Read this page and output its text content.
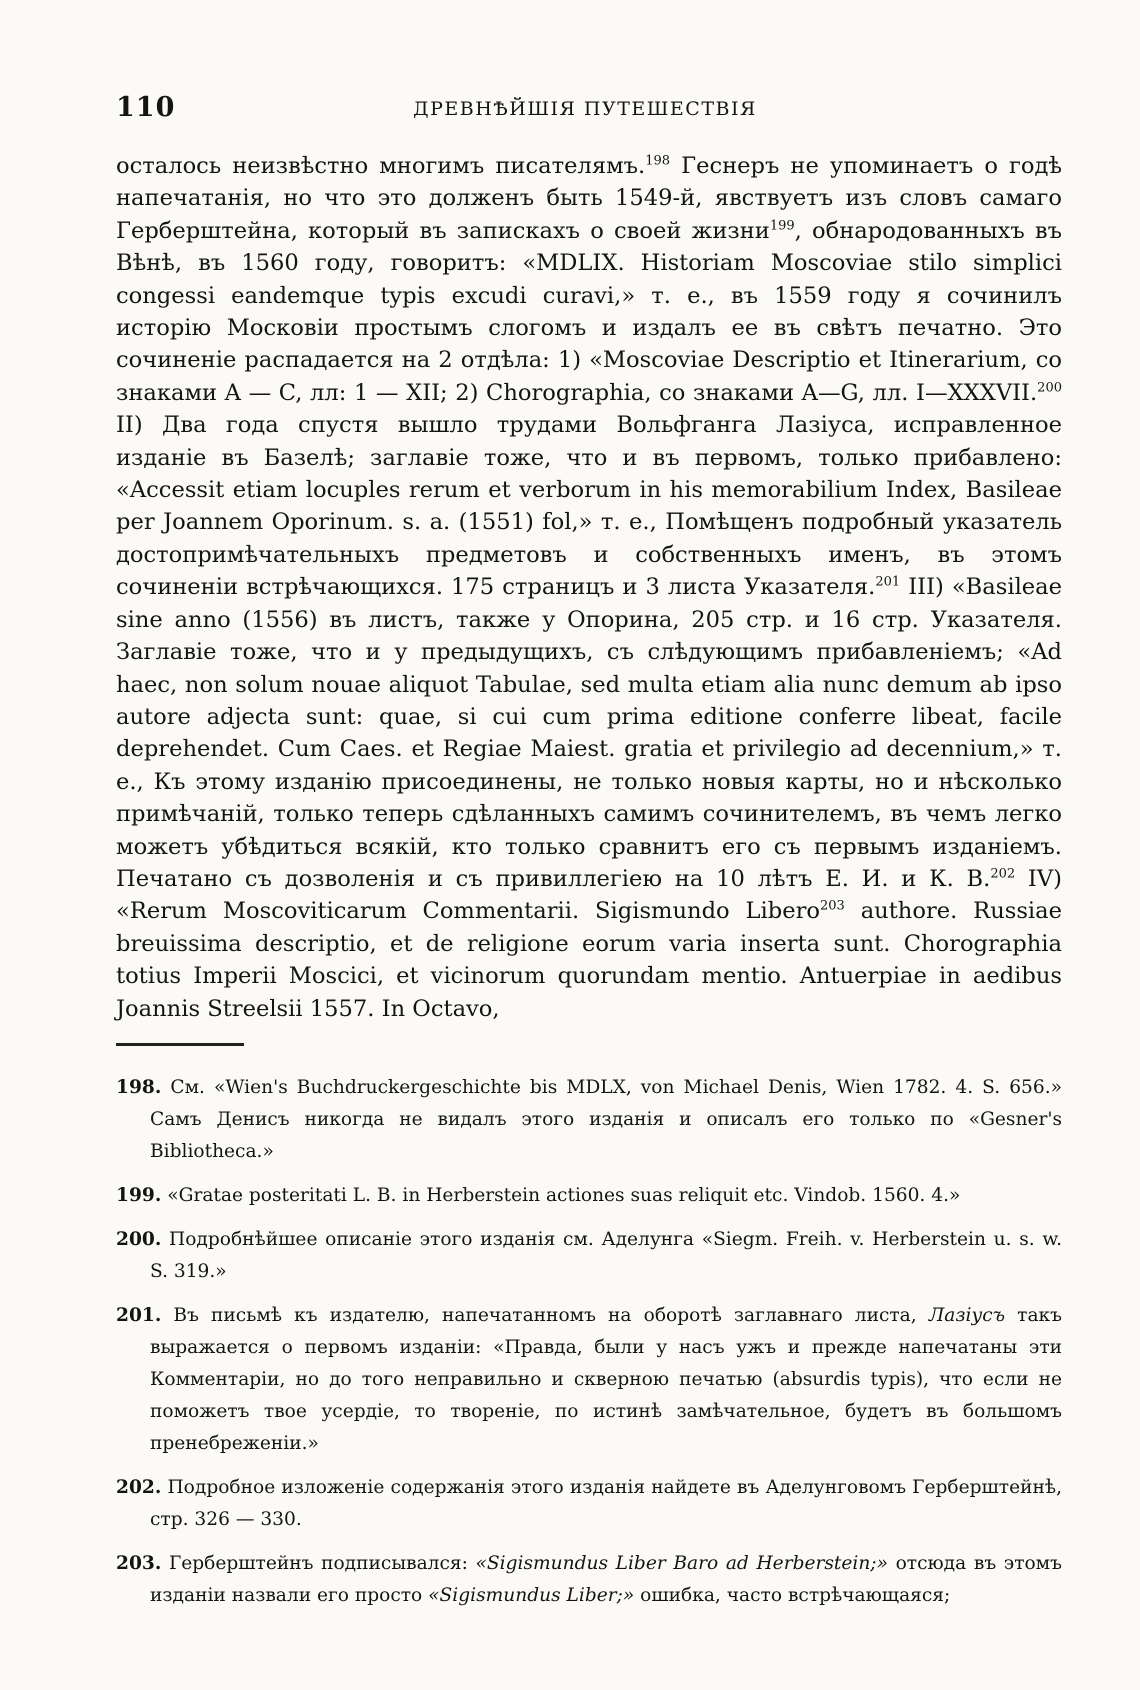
110	ДРЕВНѢЙШІЯ ПУТЕШЕСТВІЯ

осталось неизвѣстно многимъ писателямъ.$^{198}$ Геснеръ не упоминаетъ о годѣ напечатанія, но что это долженъ быть 1549-й, явствуетъ изъ словъ самаго Герберштейна, который въ запискахъ о своей жизни$^{199}$, обнародованныхъ въ Вѣнѣ, въ 1560 году, говоритъ: «MDLIX. Historiam Moscoviae stilo simplici congessi eandemque typis excudi curavi,» т. е., въ 1559 году я сочинилъ исторію Московіи простымъ слогомъ и издалъ ее въ свѣтъ печатно. Это сочиненіе распадается на 2 отдѣла: 1) «Moscoviae Descriptio et Itinerarium, со знаками A — C, лл: 1 — XII; 2) Chorographia, со знаками A—G, лл. I—XXXVII.$^{200}$ II) Два года спустя вышло трудами Вольфганга Лазіуса, исправленное изданіе въ Базелѣ; заглавіе тоже, что и въ первомъ, только прибавлено: «Accessit etiam locuples rerum et verborum in his memorabilium Index, Basileae per Joannem Oporinum. s. a. (1551) fol,» т. е., Помѣщенъ подробный указатель достопримѣчательныхъ предметовъ и собственныхъ именъ, въ этомъ сочиненіи встрѣчающихся. 175 страницъ и 3 листа Указателя.$^{201}$ III) «Basileae sine anno (1556) въ листъ, также у Опорина, 205 стр. и 16 стр. Указателя. Заглавіе тоже, что и у предыдущихъ, съ слѣдующимъ прибавленіемъ; «Ad haec, non solum nouae aliquot Tabulae, sed multa etiam alia nunc demum ab ipso autore adjecta sunt: quae, si cui cum prima editione conferre libeat, facile deprehendet. Cum Caes. et Regiae Maiest. gratia et privilegio ad decennium,» т. е., Къ этому изданію присоединены, не только новыя карты, но и нѣсколько примѣчаній, только теперь сдѣланныхъ самимъ сочинителемъ, въ чемъ легко можетъ убѣдиться всякій, кто только сравнитъ его съ первымъ изданіемъ. Печатано съ дозволенія и съ привиллегіею на 10 лѣтъ Е. И. и К. В.$^{202}$ IV) «Rerum Moscoviticarum Commentarii. Sigismundo Libero$^{203}$ authore. Russiae breuissima descriptio, et de religione eorum varia inserta sunt. Chorographia totius Imperii Moscici, et vicinorum quorundam mentio. Antuerpiae in aedibus Joannis Streelsii 1557. In Octavo,

198. См. «Wien's Buchdruckergeschichte bis MDLX, von Michael Denis, Wien 1782. 4. S. 656.» Самъ Денисъ никогда не видалъ этого изданія и описалъ его только по «Gesner's Bibliotheca.»

199. «Gratae posteritati L. B. in Herberstein actiones suas reliquit etc. Vindob. 1560. 4.»

200. Подробнѣйшее описаніе этого изданія см. Аделунга «Siegm. Freih. v. Herberstein u. s. w. S. 319.»

201. Въ письмѣ къ издателю, напечатанномъ на оборотѣ заглавнаго листа, Лазіусъ такъ выражается о первомъ изданіи: «Правда, были у насъ ужъ и прежде напечатаны эти Комментаріи, но до того неправильно и скверною печатью (absurdis typis), что если не поможетъ твое усердіе, то твореніе, по истинѣ замѣчательное, будетъ въ большомъ пренебреженіи.»

202. Подробное изложеніе содержанія этого изданія найдете въ Аделунговомъ Герберштейнѣ, стр. 326 — 330.

203. Герберштейнъ подписывался: «Sigismundus Liber Baro ad Herberstein;» отсюда въ этомъ изданіи назвали его просто «Sigismundus Liber;» ошибка, часто встрѣчающаяся;
